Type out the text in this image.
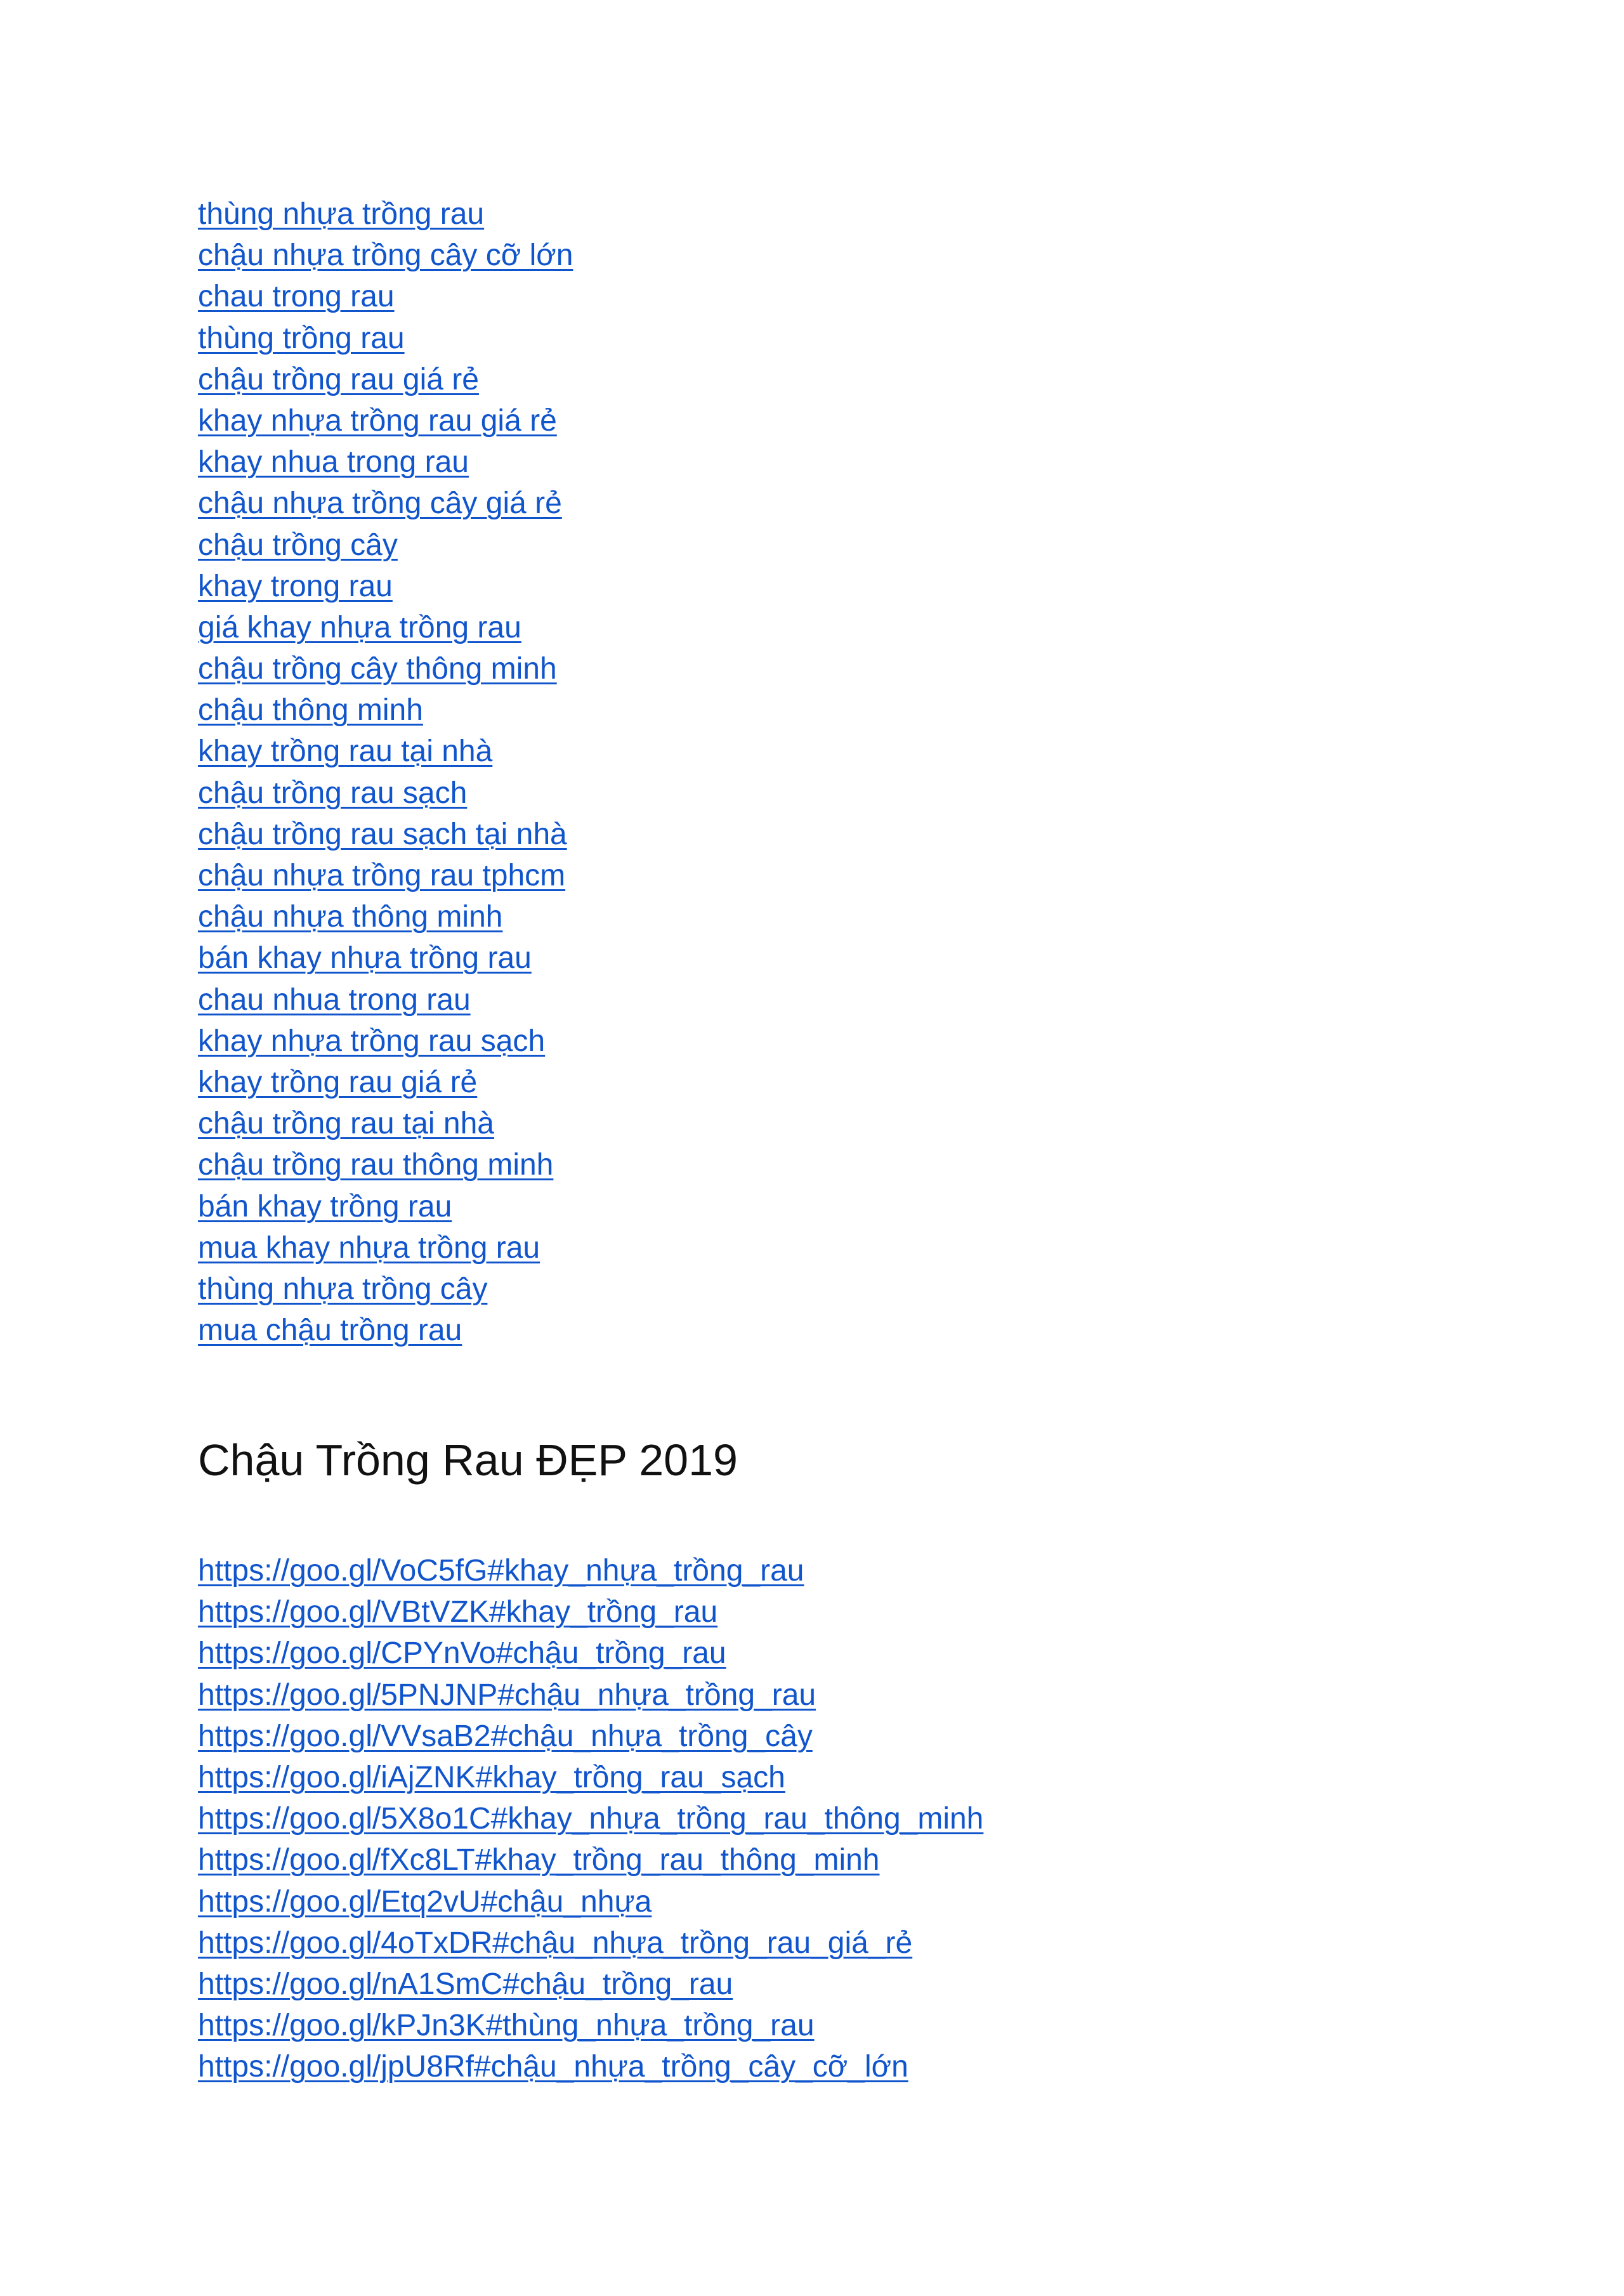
thùng nhựa trồng rau
chậu nhựa trồng cây cỡ lớn
chau trong rau
thùng trồng rau
chậu trồng rau giá rẻ
khay nhựa trồng rau giá rẻ
khay nhua trong rau
chậu nhựa trồng cây giá rẻ
chậu trồng cây
khay trong rau
giá khay nhựa trồng rau
chậu trồng cây thông minh
chậu thông minh
khay trồng rau tại nhà
chậu trồng rau sạch
chậu trồng rau sạch tại nhà
chậu nhựa trồng rau tphcm
chậu nhựa thông minh
bán khay nhựa trồng rau
chau nhua trong rau
khay nhựa trồng rau sạch
khay trồng rau giá rẻ
chậu trồng rau tại nhà
chậu trồng rau thông minh
bán khay trồng rau
mua khay nhựa trồng rau
thùng nhựa trồng cây
mua chậu trồng rau
Chậu Trồng Rau ĐẸP 2019
https://goo.gl/VoC5fG#khay_nhựa_trồng_rau
https://goo.gl/VBtVZK#khay_trồng_rau
https://goo.gl/CPYnVo#chậu_trồng_rau
https://goo.gl/5PNJNP#chậu_nhựa_trồng_rau
https://goo.gl/VVsaB2#chậu_nhựa_trồng_cây
https://goo.gl/iAjZNK#khay_trồng_rau_sạch
https://goo.gl/5X8o1C#khay_nhựa_trồng_rau_thông_minh
https://goo.gl/fXc8LT#khay_trồng_rau_thông_minh
https://goo.gl/Etq2vU#chậu_nhựa
https://goo.gl/4oTxDR#chậu_nhựa_trồng_rau_giá_rẻ
https://goo.gl/nA1SmC#chậu_trồng_rau
https://goo.gl/kPJn3K#thùng_nhựa_trồng_rau
https://goo.gl/jpU8Rf#chậu_nhựa_trồng_cây_cỡ_lớn
